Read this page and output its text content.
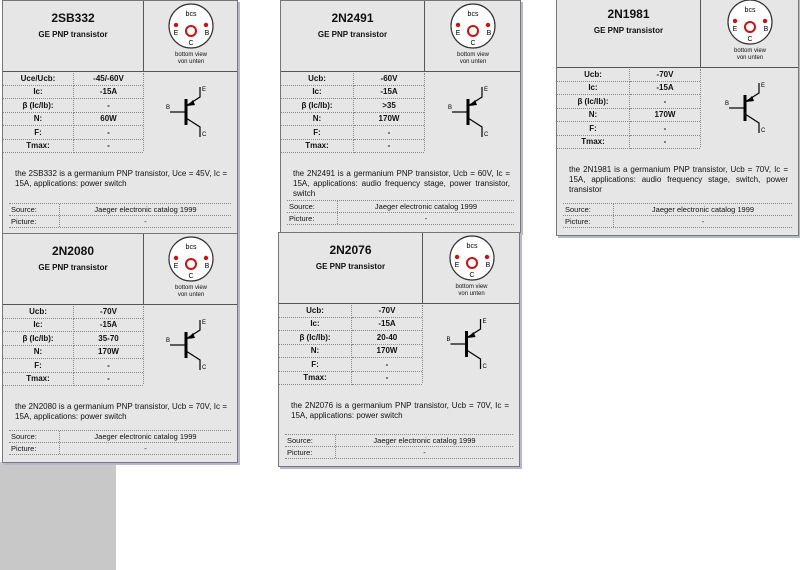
2SB332
GE PNP transistor
bcs
E
C
B
bottom view
von unten
Uce/Ucb:	-45/-60V
Ic:	-15A
β (Ic/Ib):	-
N:	60W
F:	-
Tmax:	-
B
E
C
the 2SB332 is a germanium PNP transistor, Uce = 45V, Ic = 15A, applications: power switch
Source:	Jaeger electronic catalog 1999
Picture:	-
2N2491
GE PNP transistor
bcs
E
C
B
bottom view
von unten
Ucb:	-60V
Ic:	-15A
β (Ic/Ib):	>35
N:	170W
F:	-
Tmax:	-
B
E
C
the 2N2491 is a germanium PNP transistor, Ucb = 60V, Ic = 15A, applications: audio frequency stage, power transistor, switch
Source:	Jaeger electronic catalog 1999
Picture:	-
2N1981
GE PNP transistor
bcs
E
C
B
bottom view
von unten
Ucb:	-70V
Ic:	-15A
β (Ic/Ib):	-
N:	170W
F:	-
Tmax:	-
B
E
C
the 2N1981 is a germanium PNP transistor, Ucb = 70V, Ic = 15A, applications: audio frequency stage, switch, power transistor
Source:	Jaeger electronic catalog 1999
Picture:	-
2N2080
GE PNP transistor
bcs
E
C
B
bottom view
von unten
Ucb:	-70V
Ic:	-15A
β (Ic/Ib):	35-70
N:	170W
F:	-
Tmax:	-
B
E
C
the 2N2080 is a germanium PNP transistor, Ucb = 70V, Ic = 15A, applications: power switch
Source:	Jaeger electronic catalog 1999
Picture:	-
2N2076
GE PNP transistor
bcs
E
C
B
bottom view
von unten
Ucb:	-70V
Ic:	-15A
β (Ic/Ib):	20-40
N:	170W
F:	-
Tmax:	-
B
E
C
the 2N2076 is a germanium PNP transistor, Ucb = 70V, Ic = 15A, applications: power switch
Source:	Jaeger electronic catalog 1999
Picture:	-
